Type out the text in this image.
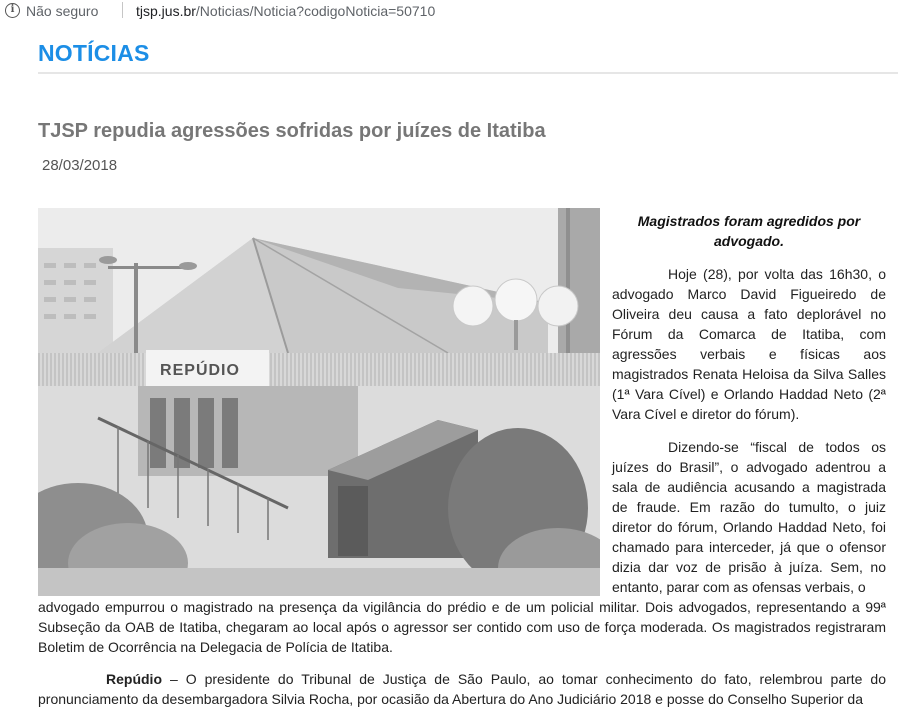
i Não seguro	tjsp.jus.br/Noticias/Noticia?codigoNoticia=50710
NOTÍCIAS
TJSP repudia agressões sofridas por juízes de Itatiba
28/03/2018
REPÚDIO
Magistrados foram agredidos por advogado.

Hoje (28), por volta das 16h30, o advogado Marco David Figueiredo de Oliveira deu causa a fato deplorável no Fórum da Comarca de Itatiba, com agressões verbais e físicas aos magistrados Renata Heloisa da Silva Salles (1ª Vara Cível) e Orlando Haddad Neto (2ª Vara Cível e diretor do fórum).

Dizendo-se “fiscal de todos os juízes do Brasil”, o advogado adentrou a sala de audiência acusando a magistrada de fraude. Em razão do tumulto, o juiz diretor do fórum, Orlando Haddad Neto, foi chamado para interceder, já que o ofensor dizia dar voz de prisão à juíza. Sem, no entanto, parar com as ofensas verbais, o

advogado empurrou o magistrado na presença da vigilância do prédio e de um policial militar. Dois advogados, representando a 99ª Subseção da OAB de Itatiba, chegaram ao local após o agressor ser contido com uso de força moderada. Os magistrados registraram Boletim de Ocorrência na Delegacia de Polícia de Itatiba.

Repúdio – O presidente do Tribunal de Justiça de São Paulo, ao tomar conhecimento do fato, relembrou parte do pronunciamento da desembargadora Silvia Rocha, por ocasião da Abertura do Ano Judiciário 2018 e posse do Conselho Superior da
